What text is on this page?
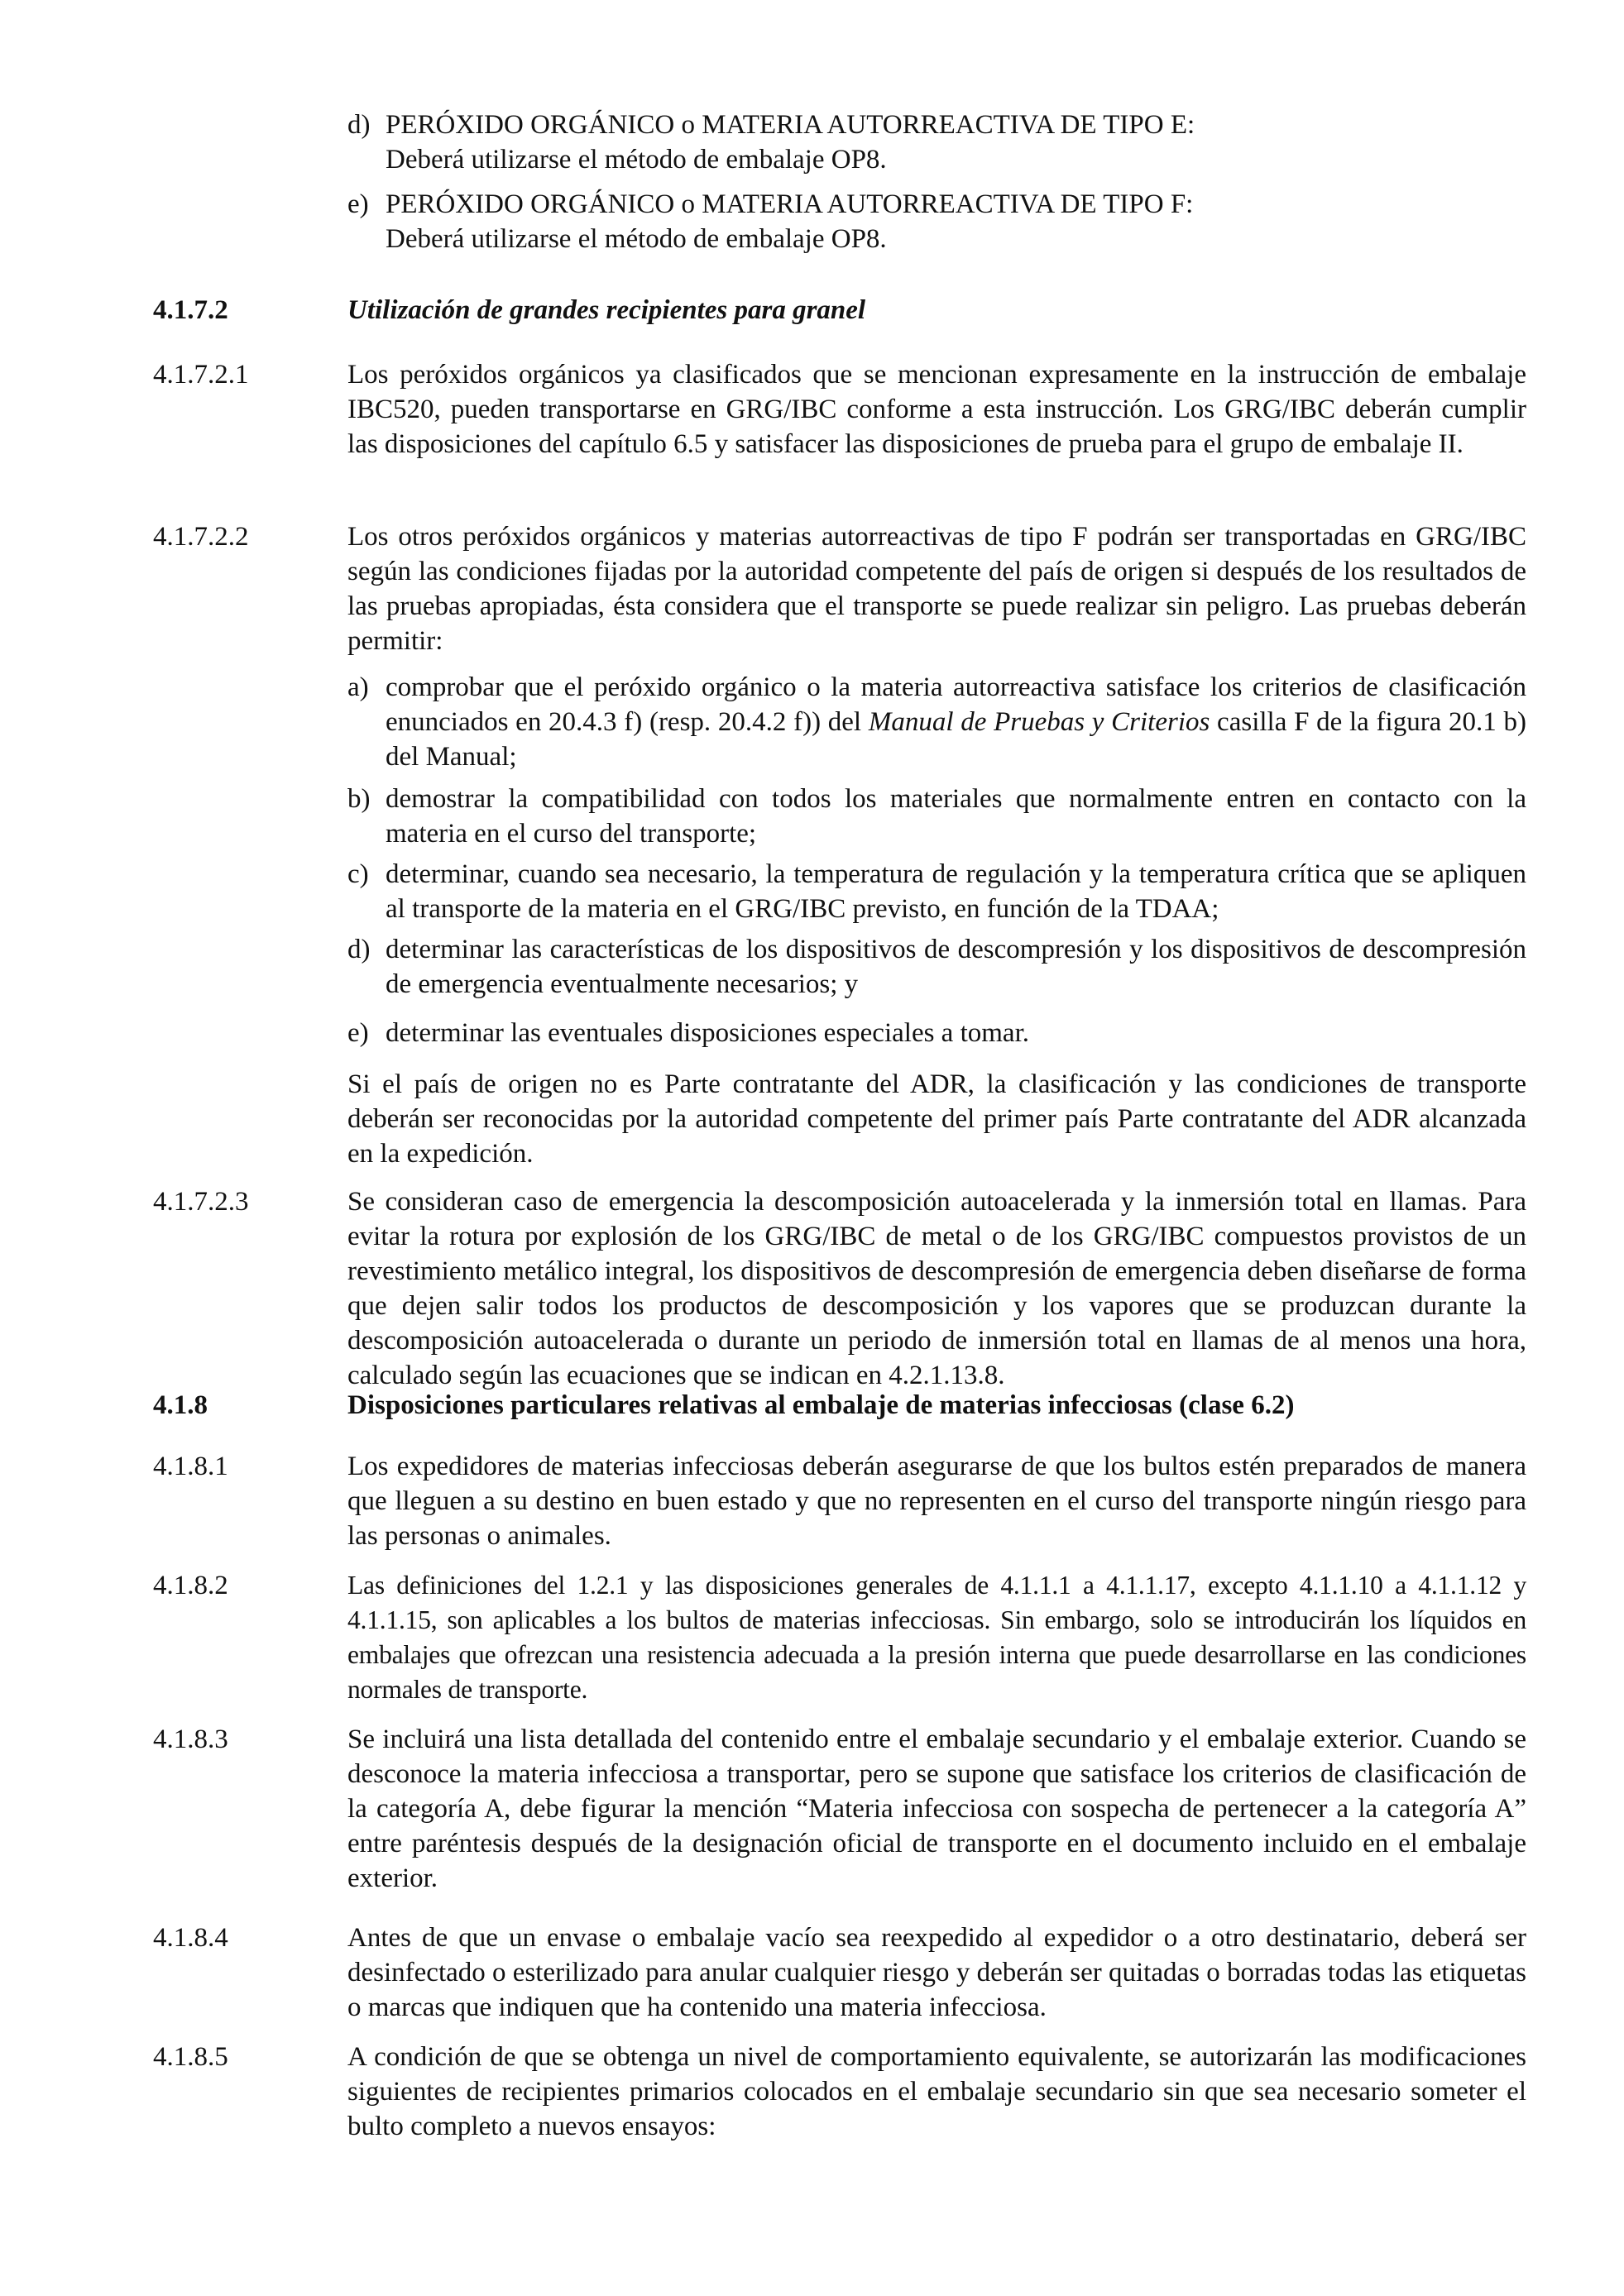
d) PERÓXIDO ORGÁNICO o MATERIA AUTORREACTIVA DE TIPO E:

Deberá utilizarse el método de embalaje OP8.

e) PERÓXIDO ORGÁNICO o MATERIA AUTORREACTIVA DE TIPO F:

Deberá utilizarse el método de embalaje OP8.

4.1.7.2	Utilización de grandes recipientes para granel
4.1.7.2.1	Los peróxidos orgánicos ya clasificados que se mencionan expresamente en la instrucción de embalaje IBC520, pueden transportarse en GRG/IBC conforme a esta instrucción. Los GRG/IBC deberán cumplir las disposiciones del capítulo 6.5 y satisfacer las disposiciones de prueba para el grupo de embalaje II.

4.1.7.2.2	Los otros peróxidos orgánicos y materias autorreactivas de tipo F podrán ser transportadas en GRG/IBC según las condiciones fijadas por la autoridad competente del país de origen si después de los resultados de las pruebas apropiadas, ésta considera que el transporte se puede realizar sin peligro. Las pruebas deberán permitir:

a) comprobar que el peróxido orgánico o la materia autorreactiva satisface los criterios de clasificación enunciados en 20.4.3 f) (resp. 20.4.2 f)) del Manual de Pruebas y Criterios casilla F de la figura 20.1 b) del Manual;

b) demostrar la compatibilidad con todos los materiales que normalmente entren en contacto con la materia en el curso del transporte;

c) determinar, cuando sea necesario, la temperatura de regulación y la temperatura crítica que se apliquen al transporte de la materia en el GRG/IBC previsto, en función de la TDAA;

d) determinar las características de los dispositivos de descompresión y los dispositivos de descompresión de emergencia eventualmente necesarios; y

e) determinar las eventuales disposiciones especiales a tomar.

Si el país de origen no es Parte contratante del ADR, la clasificación y las condiciones de transporte deberán ser reconocidas por la autoridad competente del primer país Parte contratante del ADR alcanzada en la expedición.

4.1.7.2.3	Se consideran caso de emergencia la descomposición autoacelerada y la inmersión total en llamas. Para evitar la rotura por explosión de los GRG/IBC de metal o de los GRG/IBC compuestos provistos de un revestimiento metálico integral, los dispositivos de descompresión de emergencia deben diseñarse de forma que dejen salir todos los productos de descomposición y los vapores que se produzcan durante la descomposición autoacelerada o durante un periodo de inmersión total en llamas de al menos una hora, calculado según las ecuaciones que se indican en 4.2.1.13.8.

4.1.8	Disposiciones particulares relativas al embalaje de materias infecciosas (clase 6.2)
4.1.8.1	Los expedidores de materias infecciosas deberán asegurarse de que los bultos estén preparados de manera que lleguen a su destino en buen estado y que no representen en el curso del transporte ningún riesgo para las personas o animales.

4.1.8.2	Las definiciones del 1.2.1 y las disposiciones generales de 4.1.1.1 a 4.1.1.17, excepto 4.1.1.10 a 4.1.1.12 y 4.1.1.15, son aplicables a los bultos de materias infecciosas. Sin embargo, solo se introducirán los líquidos en embalajes que ofrezcan una resistencia adecuada a la presión interna que puede desarrollarse en las condiciones normales de transporte.

4.1.8.3	Se incluirá una lista detallada del contenido entre el embalaje secundario y el embalaje exterior. Cuando se desconoce la materia infecciosa a transportar, pero se supone que satisface los criterios de clasificación de la categoría A, debe figurar la mención “Materia infecciosa con sospecha de pertenecer a la categoría A” entre paréntesis después de la designación oficial de transporte en el documento incluido en el embalaje exterior.

4.1.8.4	Antes de que un envase o embalaje vacío sea reexpedido al expedidor o a otro destinatario, deberá ser desinfectado o esterilizado para anular cualquier riesgo y deberán ser quitadas o borradas todas las etiquetas o marcas que indiquen que ha contenido una materia infecciosa.

4.1.8.5	A condición de que se obtenga un nivel de comportamiento equivalente, se autorizarán las modificaciones siguientes de recipientes primarios colocados en el embalaje secundario sin que sea necesario someter el bulto completo a nuevos ensayos:
